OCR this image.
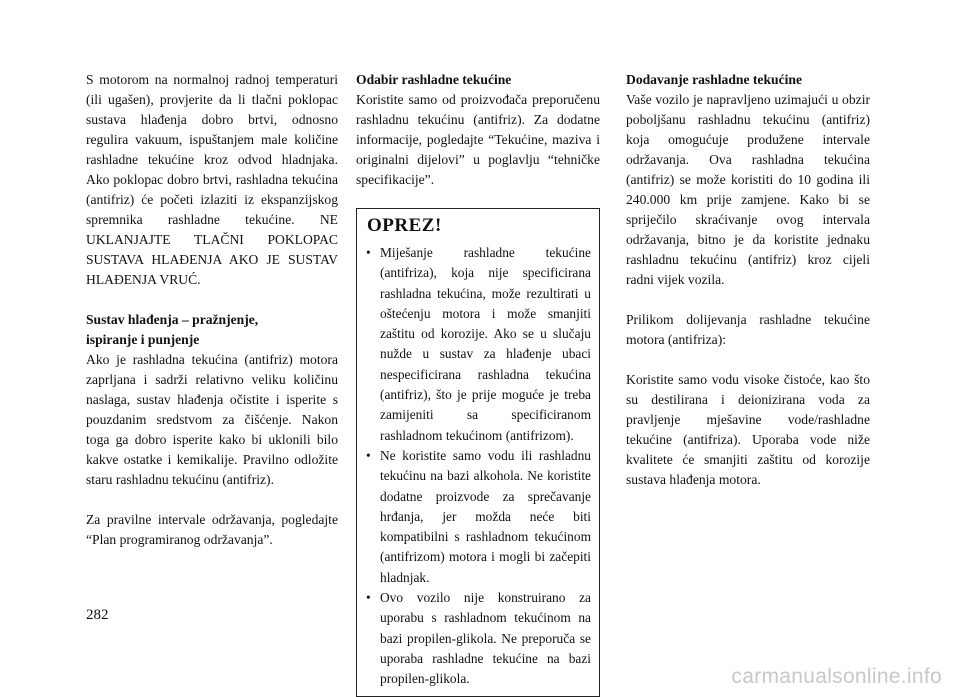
S motorom na normalnoj radnoj temperaturi (ili ugašen), provjerite da li tlačni poklopac sustava hlađenja dobro brtvi, odnosno regulira vakuum, ispuštanjem male količine rashladne tekućine kroz odvod hladnjaka. Ako poklopac dobro brtvi, rashladna tekućina (antifriz) će početi izlaziti iz ekspanzijskog spremnika rashladne tekućine. NE UKLANJAJTE TLAČNI POKLOPAC SUSTAVA HLAĐENJA AKO JE SUSTAV HLAĐENJA VRUĆ.

Sustav hlađenja – pražnjenje,
ispiranje i punjenje

Ako je rashladna tekućina (antifriz) motora zaprljana i sadrži relativno veliku količinu naslaga, sustav hlađenja očistite i isperite s pouzdanim sredstvom za čišćenje. Nakon toga ga dobro isperite kako bi uklonili bilo kakve ostatke i kemikalije. Pravilno odložite staru rashladnu tekućinu (antifriz).

Za pravilne intervale održavanja, pogledajte “Plan programiranog održavanja”.

Odabir rashladne tekućine

Koristite samo od proizvođača preporučenu rashladnu tekućinu (antifriz). Za dodatne informacije, pogledajte “Tekućine, maziva i originalni dijelovi” u poglavlju “tehničke specifikacije”.

OPREZ!
• Miješanje rashladne tekućine (antifriza), koja nije specificirana rashladna tekućina, može rezultirati u oštećenju motora i može smanjiti zaštitu od korozije. Ako se u slučaju nužde u sustav za hlađenje ubaci nespecificirana rashladna tekućina (antifriz), što je prije moguće je treba zamijeniti sa specificiranom rashladnom tekućinom (antifrizom).
• Ne koristite samo vodu ili rashladnu tekućinu na bazi alkohola. Ne koristite dodatne proizvode za sprečavanje hrđanja, jer možda neće biti kompatibilni s rashladnom tekućinom (antifrizom) motora i mogli bi začepiti hladnjak.
• Ovo vozilo nije konstruirano za uporabu s rashladnom tekućinom na bazi propilen-glikola. Ne preporuča se uporaba rashladne tekućine na bazi propilen-glikola.
Dodavanje rashladne tekućine

Vaše vozilo je napravljeno uzimajući u obzir poboljšanu rashladnu tekućinu (antifriz) koja omogućuje produžene intervale održavanja. Ova rashladna tekućina (antifriz) se može koristiti do 10 godina ili 240.000 km prije zamjene. Kako bi se spriječilo skraćivanje ovog intervala održavanja, bitno je da koristite jednaku rashladnu tekućinu (antifriz) kroz cijeli radni vijek vozila.

Prilikom dolijevanja rashladne tekućine motora (antifriza):

Koristite samo vodu visoke čistoće, kao što su destilirana i deionizirana voda za pravljenje mješavine vode/rashladne tekućine (antifriza). Uporaba vode niže kvalitete će smanjiti zaštitu od korozije sustava hlađenja motora.

282
carmanualsonline.info
